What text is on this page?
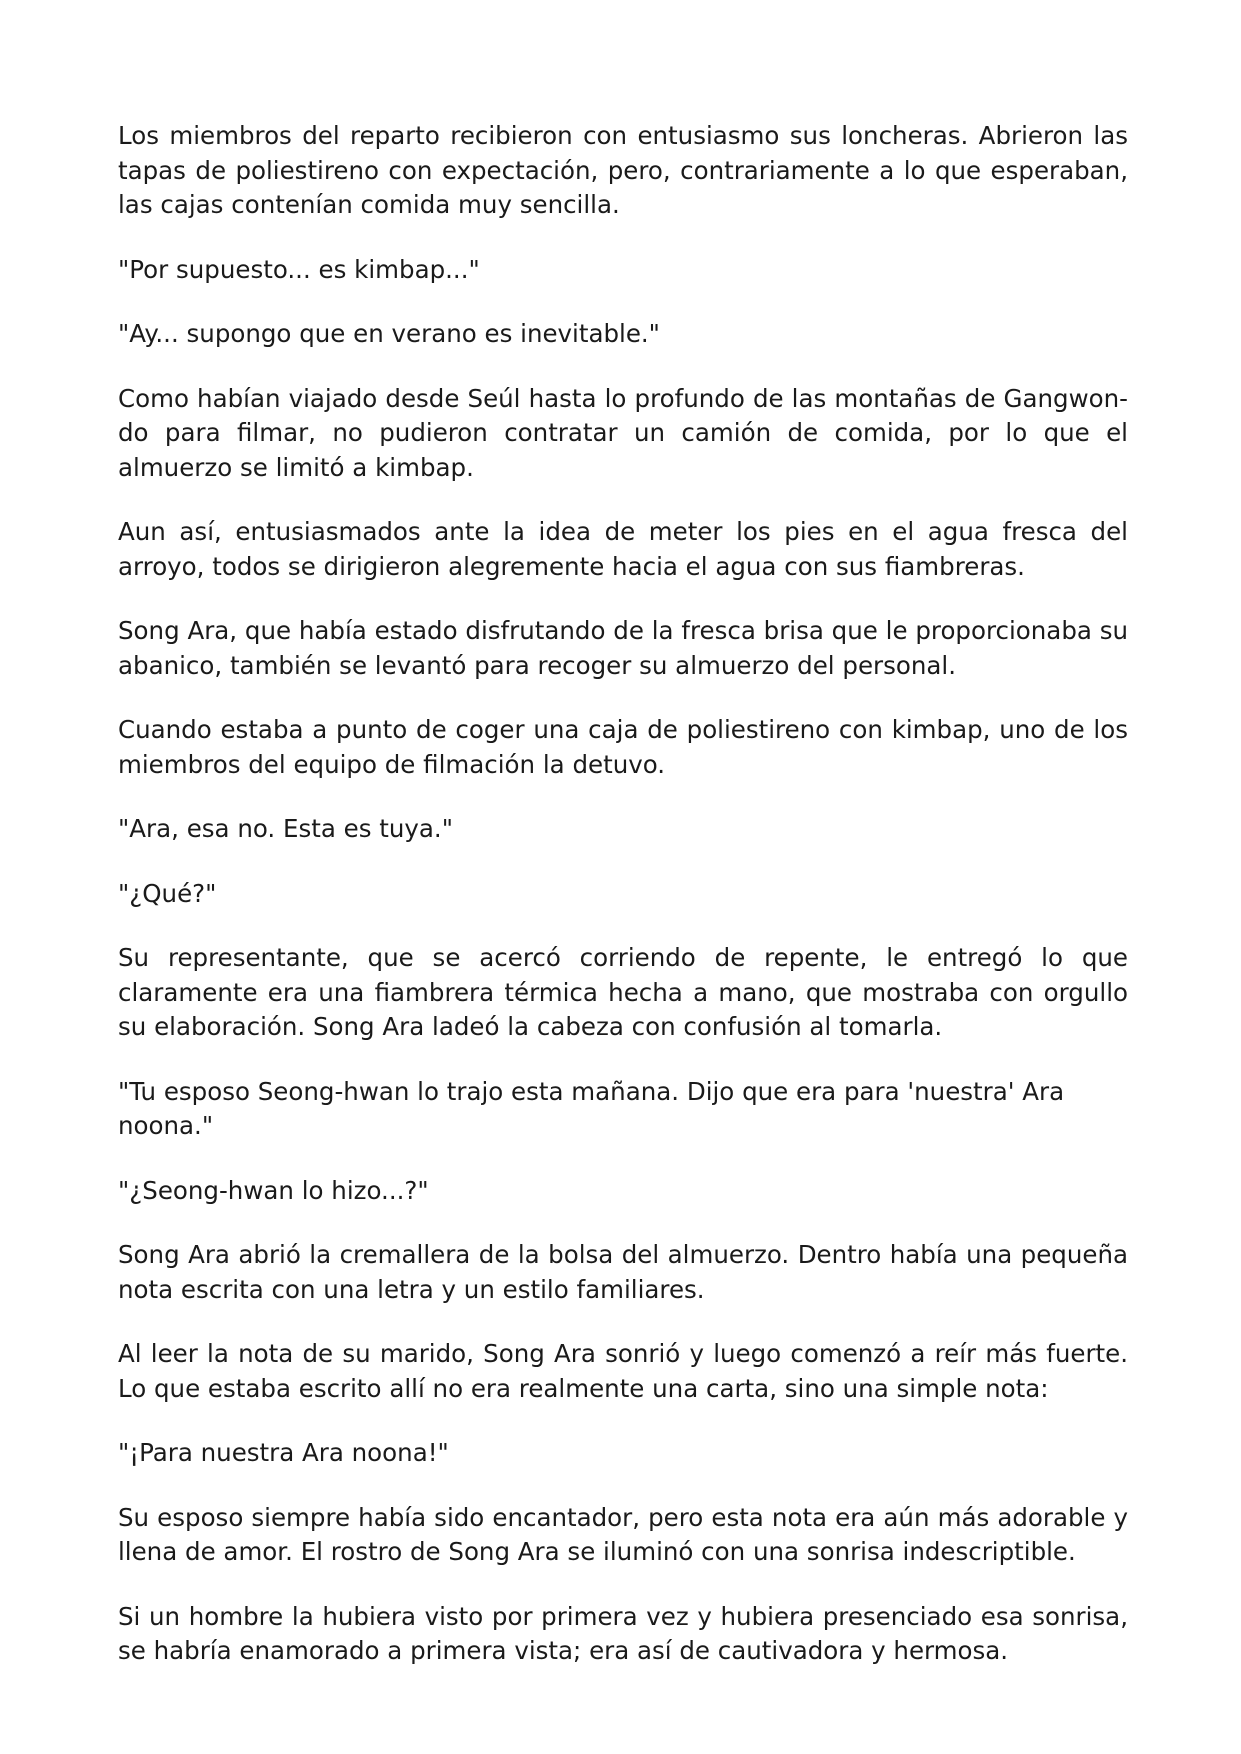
Los miembros del reparto recibieron con entusiasmo sus loncheras. Abrieron las tapas de poliestireno con expectación, pero, contrariamente a lo que esperaban, las cajas contenían comida muy sencilla.

"Por supuesto... es kimbap..."

"Ay... supongo que en verano es inevitable."

Como habían viajado desde Seúl hasta lo profundo de las montañas de Gangwon-do para filmar, no pudieron contratar un camión de comida, por lo que el almuerzo se limitó a kimbap.

Aun así, entusiasmados ante la idea de meter los pies en el agua fresca del arroyo, todos se dirigieron alegremente hacia el agua con sus fiambreras.

Song Ara, que había estado disfrutando de la fresca brisa que le proporcionaba su abanico, también se levantó para recoger su almuerzo del personal.

Cuando estaba a punto de coger una caja de poliestireno con kimbap, uno de los miembros del equipo de filmación la detuvo.

"Ara, esa no. Esta es tuya."

"¿Qué?"

Su representante, que se acercó corriendo de repente, le entregó lo que claramente era una fiambrera térmica hecha a mano, que mostraba con orgullo su elaboración. Song Ara ladeó la cabeza con confusión al tomarla.

"Tu esposo Seong-hwan lo trajo esta mañana. Dijo que era para 'nuestra' Ara noona."

"¿Seong-hwan lo hizo...?"

Song Ara abrió la cremallera de la bolsa del almuerzo. Dentro había una pequeña nota escrita con una letra y un estilo familiares.

Al leer la nota de su marido, Song Ara sonrió y luego comenzó a reír más fuerte. Lo que estaba escrito allí no era realmente una carta, sino una simple nota:

"¡Para nuestra Ara noona!"

Su esposo siempre había sido encantador, pero esta nota era aún más adorable y llena de amor. El rostro de Song Ara se iluminó con una sonrisa indescriptible.

Si un hombre la hubiera visto por primera vez y hubiera presenciado esa sonrisa, se habría enamorado a primera vista; era así de cautivadora y hermosa.
